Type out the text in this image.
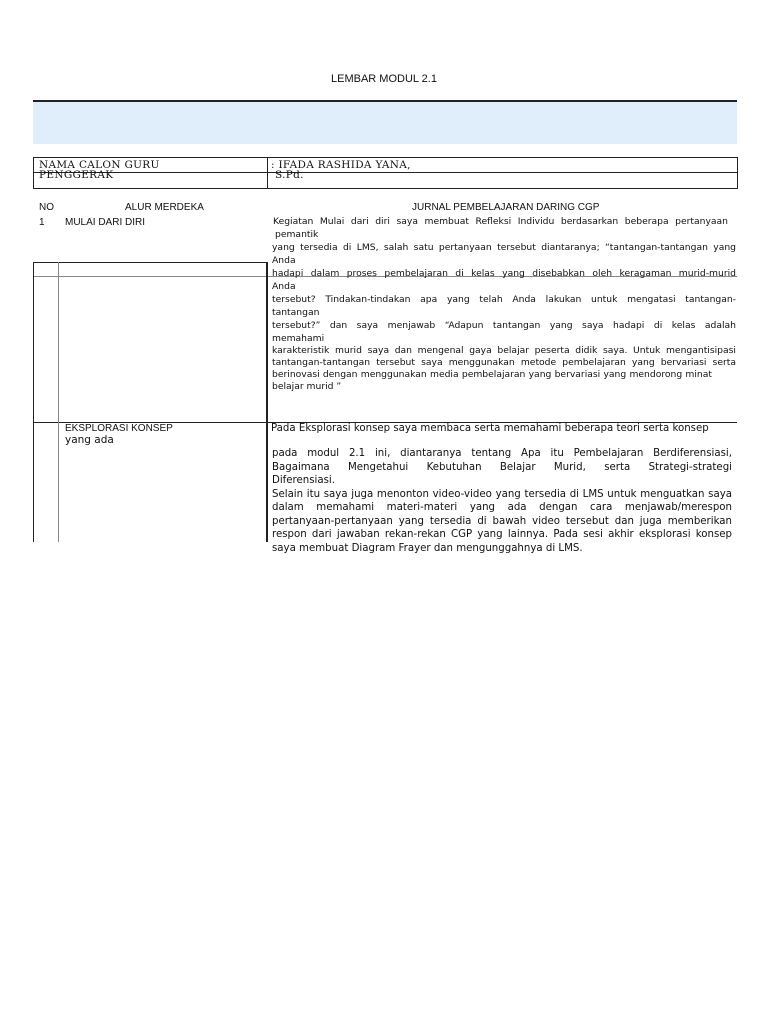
LEMBAR MODUL 2.1
NAMA CALON GURU
PENGGERAK
: IFADA RASHIDA YANA,
S.Pd.
NO	ALUR MERDEKA	JURNAL PEMBELAJARAN DARING CGP
1 MULAI DARI DIRI	Kegiatan Mulai dari diri saya membuat Refleksi Individu berdasarkan beberapa pertanyaan
pemantik
yang tersedia di LMS, salah satu pertanyaan tersebut diantaranya; “tantangan-tantangan yang
Anda
hadapi dalam proses pembelajaran di kelas yang disebabkan oleh keragaman murid-murid
Anda
tersebut? Tindakan-tindakan apa yang telah Anda lakukan untuk mengatasi tantangan-
tantangan
tersebut?” dan saya menjawab “Adapun tantangan yang saya hadapi di kelas adalah
memahami
karakteristik murid saya dan mengenal gaya belajar peserta didik saya. Untuk mengantisipasi
tantangan-tantangan tersebut saya menggunakan metode pembelajaran yang bervariasi serta
berinovasi dengan menggunakan media pembelajaran yang bervariasi yang mendorong minat
belajar murid ”
EKSPLORASI KONSEP
yang ada
Pada Eksplorasi konsep saya membaca serta memahami beberapa teori serta konsep
pada modul 2.1 ini, diantaranya tentang Apa itu Pembelajaran Berdiferensiasi,
Bagaimana Mengetahui Kebutuhan Belajar Murid, serta Strategi-strategi
Diferensiasi.
Selain itu saya juga menonton video-video yang tersedia di LMS untuk menguatkan saya
dalam memahami materi-materi yang ada dengan cara menjawab/merespon
pertanyaan-pertanyaan yang tersedia di bawah video tersebut dan juga memberikan
respon dari jawaban rekan-rekan CGP yang lainnya. Pada sesi akhir eksplorasi konsep
saya membuat Diagram Frayer dan mengunggahnya di LMS.
